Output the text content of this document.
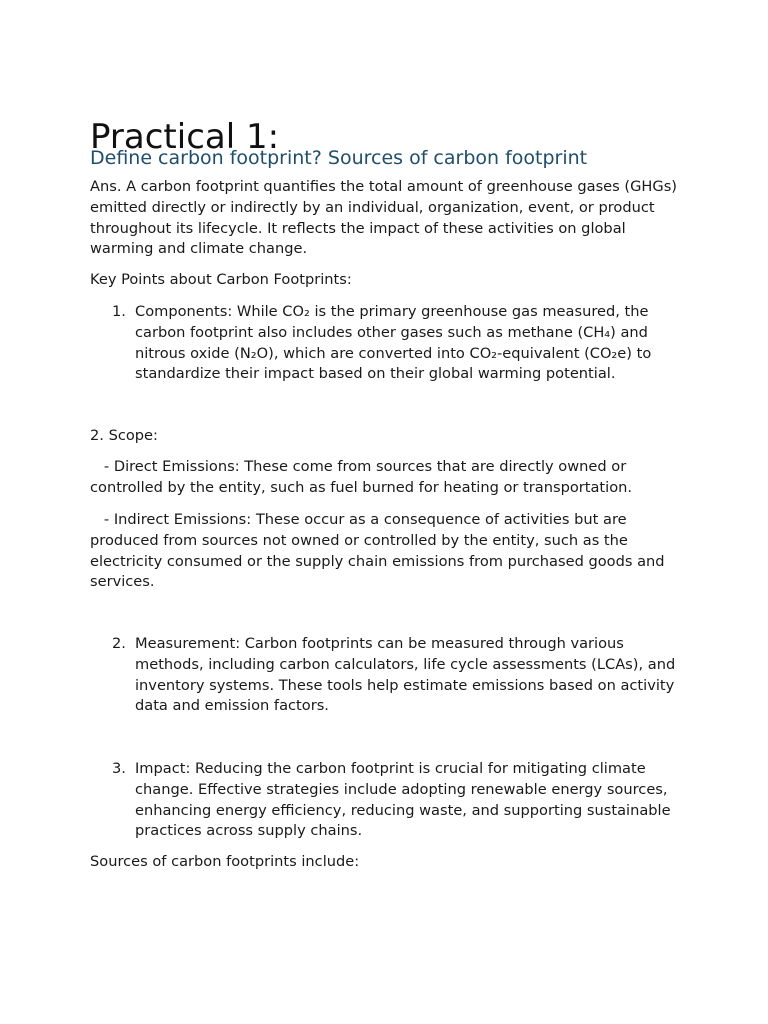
Practical 1:
Define carbon footprint? Sources of carbon footprint

Ans. A carbon footprint quantifies the total amount of greenhouse gases (GHGs) emitted directly or indirectly by an individual, organization, event, or product throughout its lifecycle. It reflects the impact of these activities on global warming and climate change.

Key Points about Carbon Footprints:

1. Components: While CO₂ is the primary greenhouse gas measured, the carbon footprint also includes other gases such as methane (CH₄) and nitrous oxide (N₂O), which are converted into CO₂-equivalent (CO₂e) to standardize their impact based on their global warming potential.

2. Scope:

- Direct Emissions: These come from sources that are directly owned or controlled by the entity, such as fuel burned for heating or transportation.

- Indirect Emissions: These occur as a consequence of activities but are produced from sources not owned or controlled by the entity, such as the electricity consumed or the supply chain emissions from purchased goods and services.

2. Measurement: Carbon footprints can be measured through various methods, including carbon calculators, life cycle assessments (LCAs), and inventory systems. These tools help estimate emissions based on activity data and emission factors.
3. Impact: Reducing the carbon footprint is crucial for mitigating climate change. Effective strategies include adopting renewable energy sources, enhancing energy efficiency, reducing waste, and supporting sustainable practices across supply chains.

Sources of carbon footprints include:
